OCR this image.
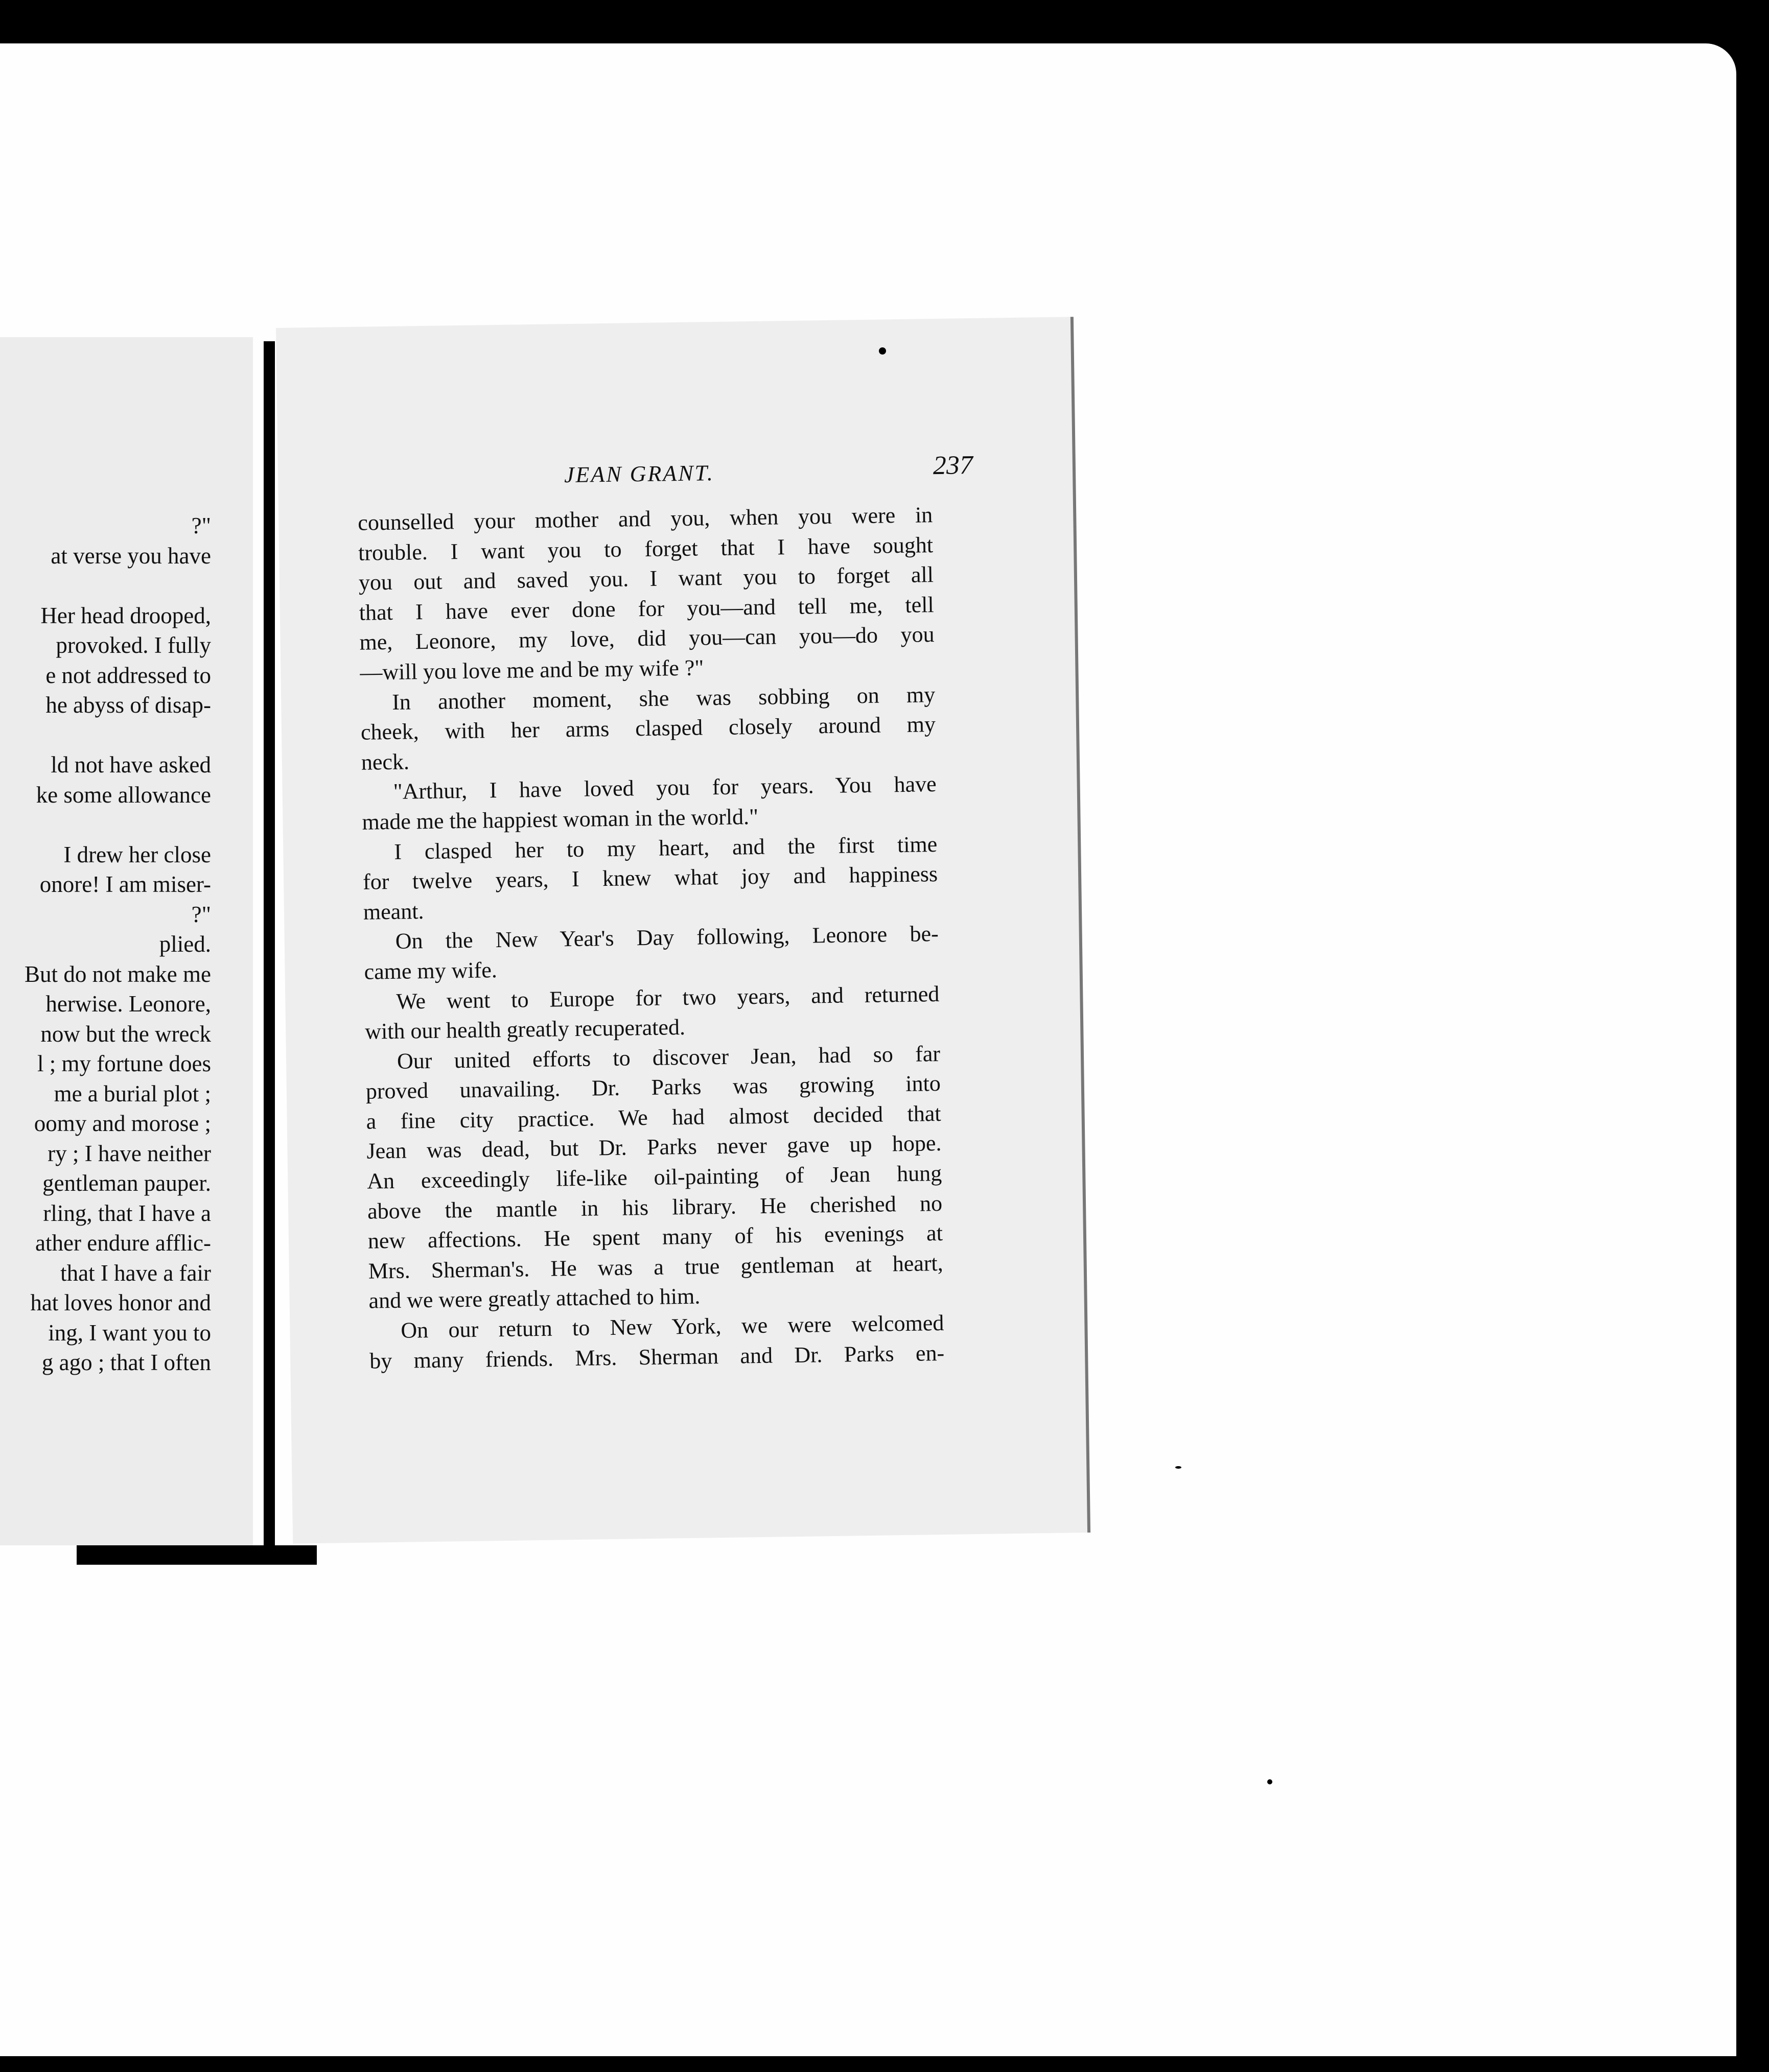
?"
at verse you have
Her head drooped,
provoked. I fully
e not addressed to
he abyss of disap-
ld not have asked
ke some allowance
I drew her close
onore! I am miser-
?"
plied.
But do not make me
herwise. Leonore,
now but the wreck
l ; my fortune does
me a burial plot ;
oomy and morose ;
ry ; I have neither
gentleman pauper.
rling, that I have a
ather endure afflic-
that I have a fair
hat loves honor and
ing, I want you to
g ago ; that I often
JEAN GRANT.	237
counselled your mother and you, when you were in
trouble. I want you to forget that I have sought
you out and saved you. I want you to forget all
that I have ever done for you—and tell me, tell
me, Leonore, my love, did you—can you—do you
—will you love me and be my wife ?"
In another moment, she was sobbing on my
cheek, with her arms clasped closely around my
neck.
"Arthur, I have loved you for years. You have
made me the happiest woman in the world."
I clasped her to my heart, and the first time
for twelve years, I knew what joy and happiness
meant.
On the New Year's Day following, Leonore be-
came my wife.
We went to Europe for two years, and returned
with our health greatly recuperated.
Our united efforts to discover Jean, had so far
proved unavailing. Dr. Parks was growing into
a fine city practice. We had almost decided that
Jean was dead, but Dr. Parks never gave up hope.
An exceedingly life-like oil-painting of Jean hung
above the mantle in his library. He cherished no
new affections. He spent many of his evenings at
Mrs. Sherman's. He was a true gentleman at heart,
and we were greatly attached to him.
On our return to New York, we were welcomed
by many friends. Mrs. Sherman and Dr. Parks en-
